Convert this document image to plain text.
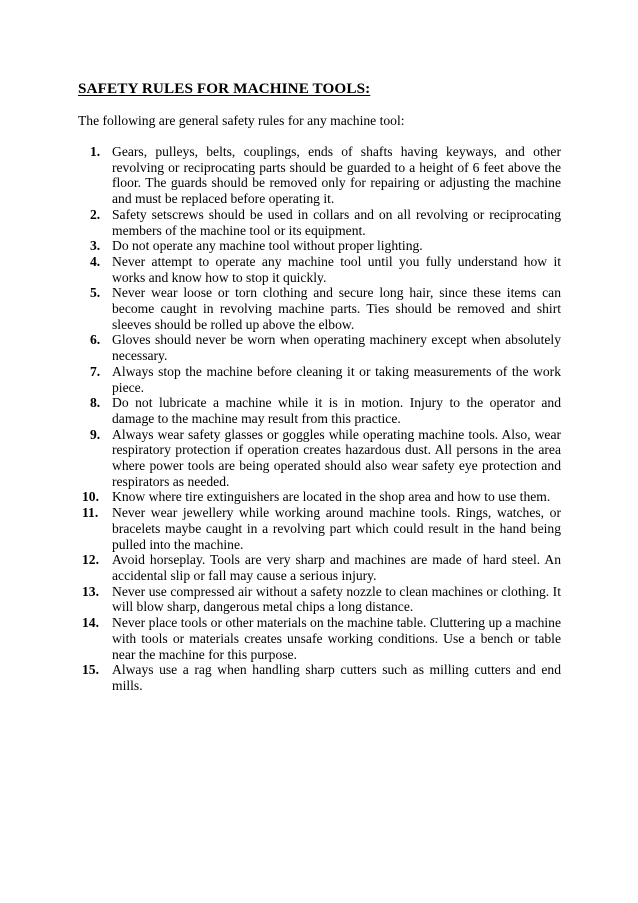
SAFETY RULES FOR MACHINE TOOLS:

The following are general safety rules for any machine tool:

1. Gears, pulleys, belts, couplings, ends of shafts having keyways, and other revolving or reciprocating parts should be guarded to a height of 6 feet above the floor. The guards should be removed only for repairing or adjusting the machine and must be replaced before operating it.
2. Safety setscrews should be used in collars and on all revolving or reciprocating members of the machine tool or its equipment.
3. Do not operate any machine tool without proper lighting.
4. Never attempt to operate any machine tool until you fully understand how it works and know how to stop it quickly.
5. Never wear loose or torn clothing and secure long hair, since these items can become caught in revolving machine parts. Ties should be removed and shirt sleeves should be rolled up above the elbow.
6. Gloves should never be worn when operating machinery except when absolutely necessary.
7. Always stop the machine before cleaning it or taking measurements of the work piece.
8. Do not lubricate a machine while it is in motion. Injury to the operator and damage to the machine may result from this practice.
9. Always wear safety glasses or goggles while operating machine tools. Also, wear respiratory protection if operation creates hazardous dust. All persons in the area where power tools are being operated should also wear safety eye protection and respirators as needed.
10. Know where tire extinguishers are located in the shop area and how to use them.
11. Never wear jewellery while working around machine tools. Rings, watches, or bracelets maybe caught in a revolving part which could result in the hand being pulled into the machine.
12. Avoid horseplay. Tools are very sharp and machines are made of hard steel. An accidental slip or fall may cause a serious injury.
13. Never use compressed air without a safety nozzle to clean machines or clothing. It will blow sharp, dangerous metal chips a long distance.
14. Never place tools or other materials on the machine table. Cluttering up a machine with tools or materials creates unsafe working conditions. Use a bench or table near the machine for this purpose.
15. Always use a rag when handling sharp cutters such as milling cutters and end mills.
